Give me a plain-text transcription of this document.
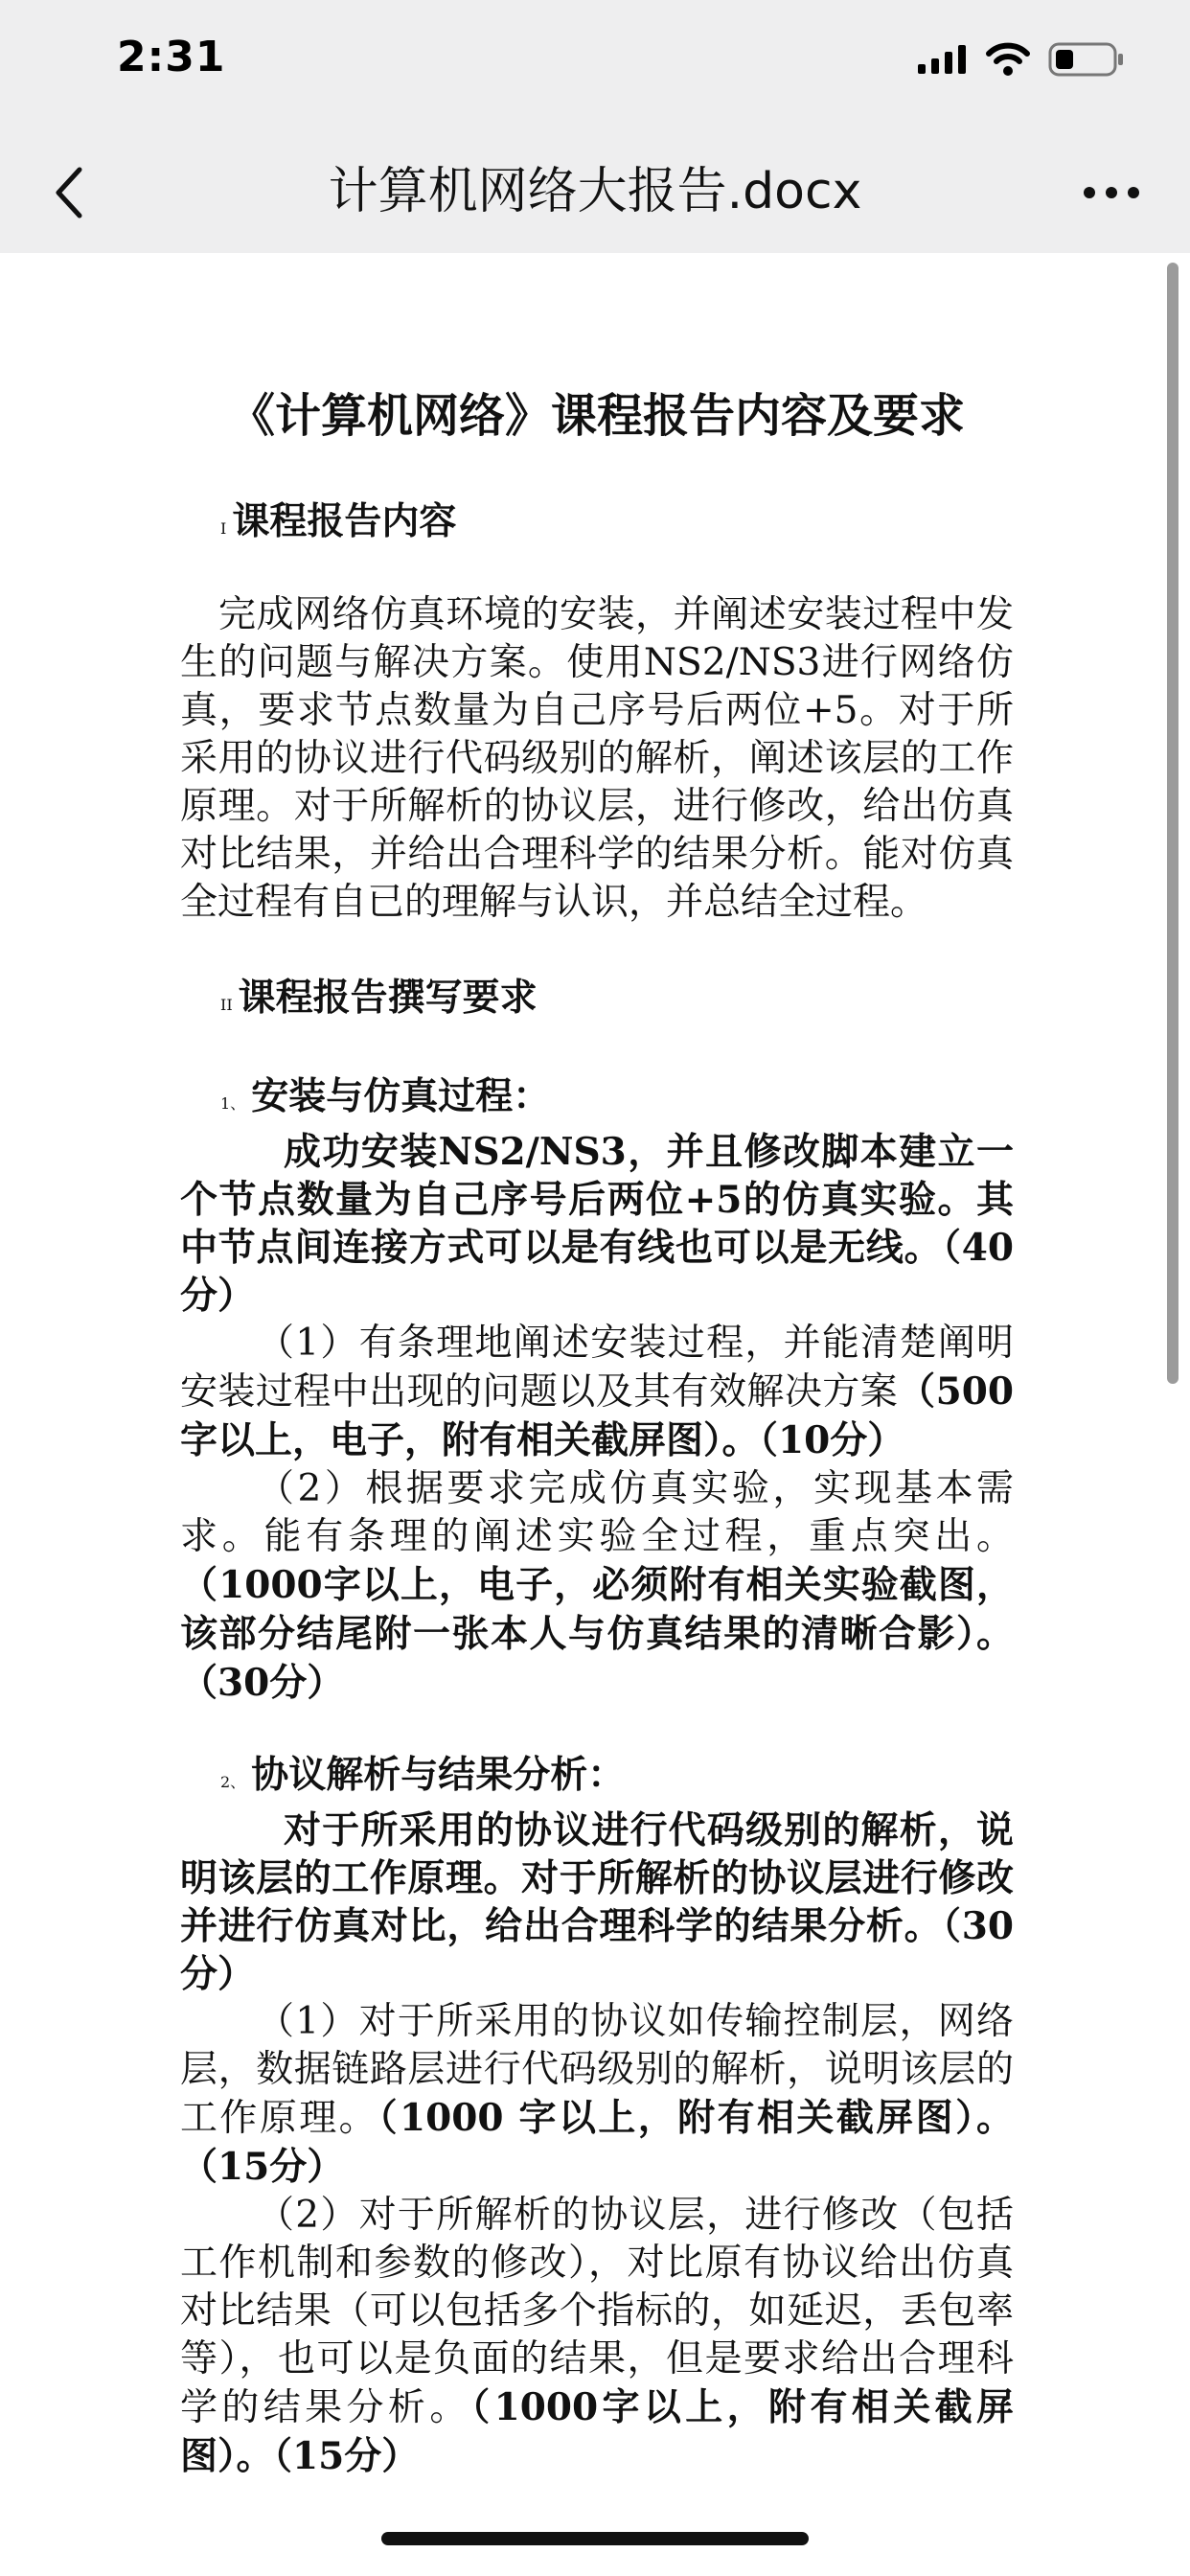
2:31
计算机网络大报告.docx
《计算机网络》课程报告内容及要求
I 课程报告内容

完成网络仿真环境的安装，并阐述安装过程中发生的问题与解决方案。使用NS2/NS3进行网络仿真，要求节点数量为自己序号后两位+5。对于所采用的协议进行代码级别的解析，阐述该层的工作原理。对于所解析的协议层，进行修改，给出仿真对比结果，并给出合理科学的结果分析。能对仿真全过程有自已的理解与认识，并总结全过程。

II 课程报告撰写要求
1、 安装与仿真过程：

成功安装NS2/NS3，并且修改脚本建立一个节点数量为自己序号后两位+5的仿真实验。其中节点间连接方式可以是有线也可以是无线。（40 分）

（1）有条理地阐述安装过程，并能清楚阐明安装过程中出现的问题以及其有效解决方案（500 字以上，电子，附有相关截屏图）。（10分）

（2）根据要求完成仿真实验，实现基本需求。能有条理的阐述实验全过程，重点突出。（1000字以上，电子，必须附有相关实验截图，该部分结尾附一张本人与仿真结果的清晰合影）。（30分）

2、 协议解析与结果分析：

对于所采用的协议进行代码级别的解析，说明该层的工作原理。对于所解析的协议层进行修改并进行仿真对比，给出合理科学的结果分析。（30分）

（1）对于所采用的协议如传输控制层，网络层，数据链路层进行代码级别的解析，说明该层的工作原理。（1000 字以上，附有相关截屏图）。（15分）

（2）对于所解析的协议层，进行修改（包括工作机制和参数的修改），对比原有协议给出仿真对比结果（可以包括多个指标的，如延迟，丢包率等），也可以是负面的结果，但是要求给出合理科学的结果分析。（1000字以上，附有相关截屏图）。（15分）
